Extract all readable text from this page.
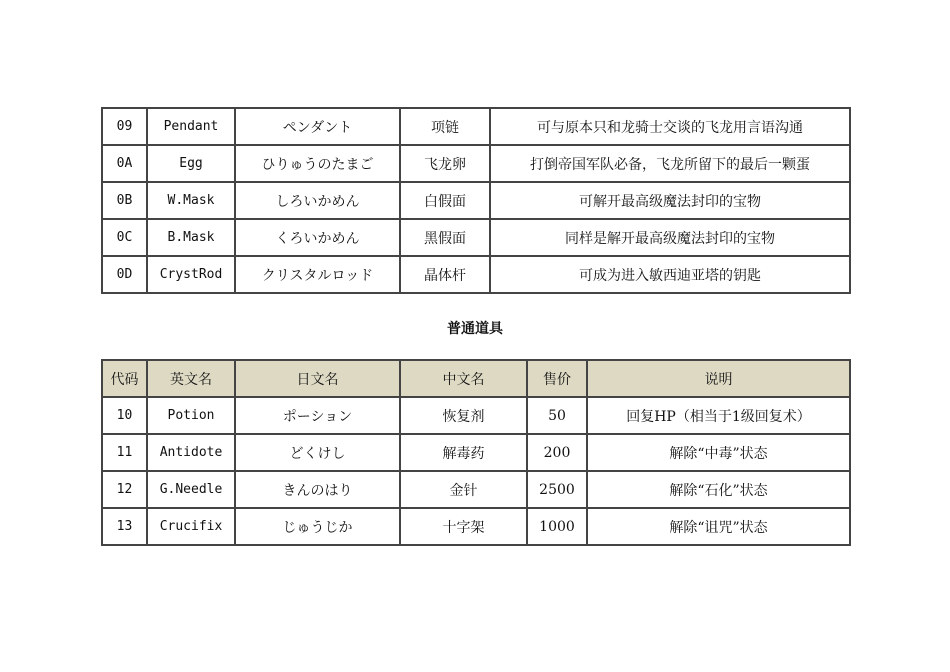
09	Pendant	ペンダント	项链	可与原本只和龙骑士交谈的飞龙用言语沟通
0A	Egg	ひりゅうのたまご	飞龙卵	打倒帝国军队必备，飞龙所留下的最后一颗蛋
0B	W.Mask	しろいかめん	白假面	可解开最高级魔法封印的宝物
0C	B.Mask	くろいかめん	黑假面	同样是解开最高级魔法封印的宝物
0D	CrystRod	クリスタルロッド	晶体杆	可成为进入敏西迪亚塔的钥匙
普通道具
代码	英文名	日文名	中文名	售价	说明
10	Potion	ポーション	恢复剂	50	回复HP（相当于1级回复术）
11	Antidote	どくけし	解毒药	200	解除“中毒”状态
12	G.Needle	きんのはり	金针	2500	解除“石化”状态
13	Crucifix	じゅうじか	十字架	1000	解除“诅咒”状态
